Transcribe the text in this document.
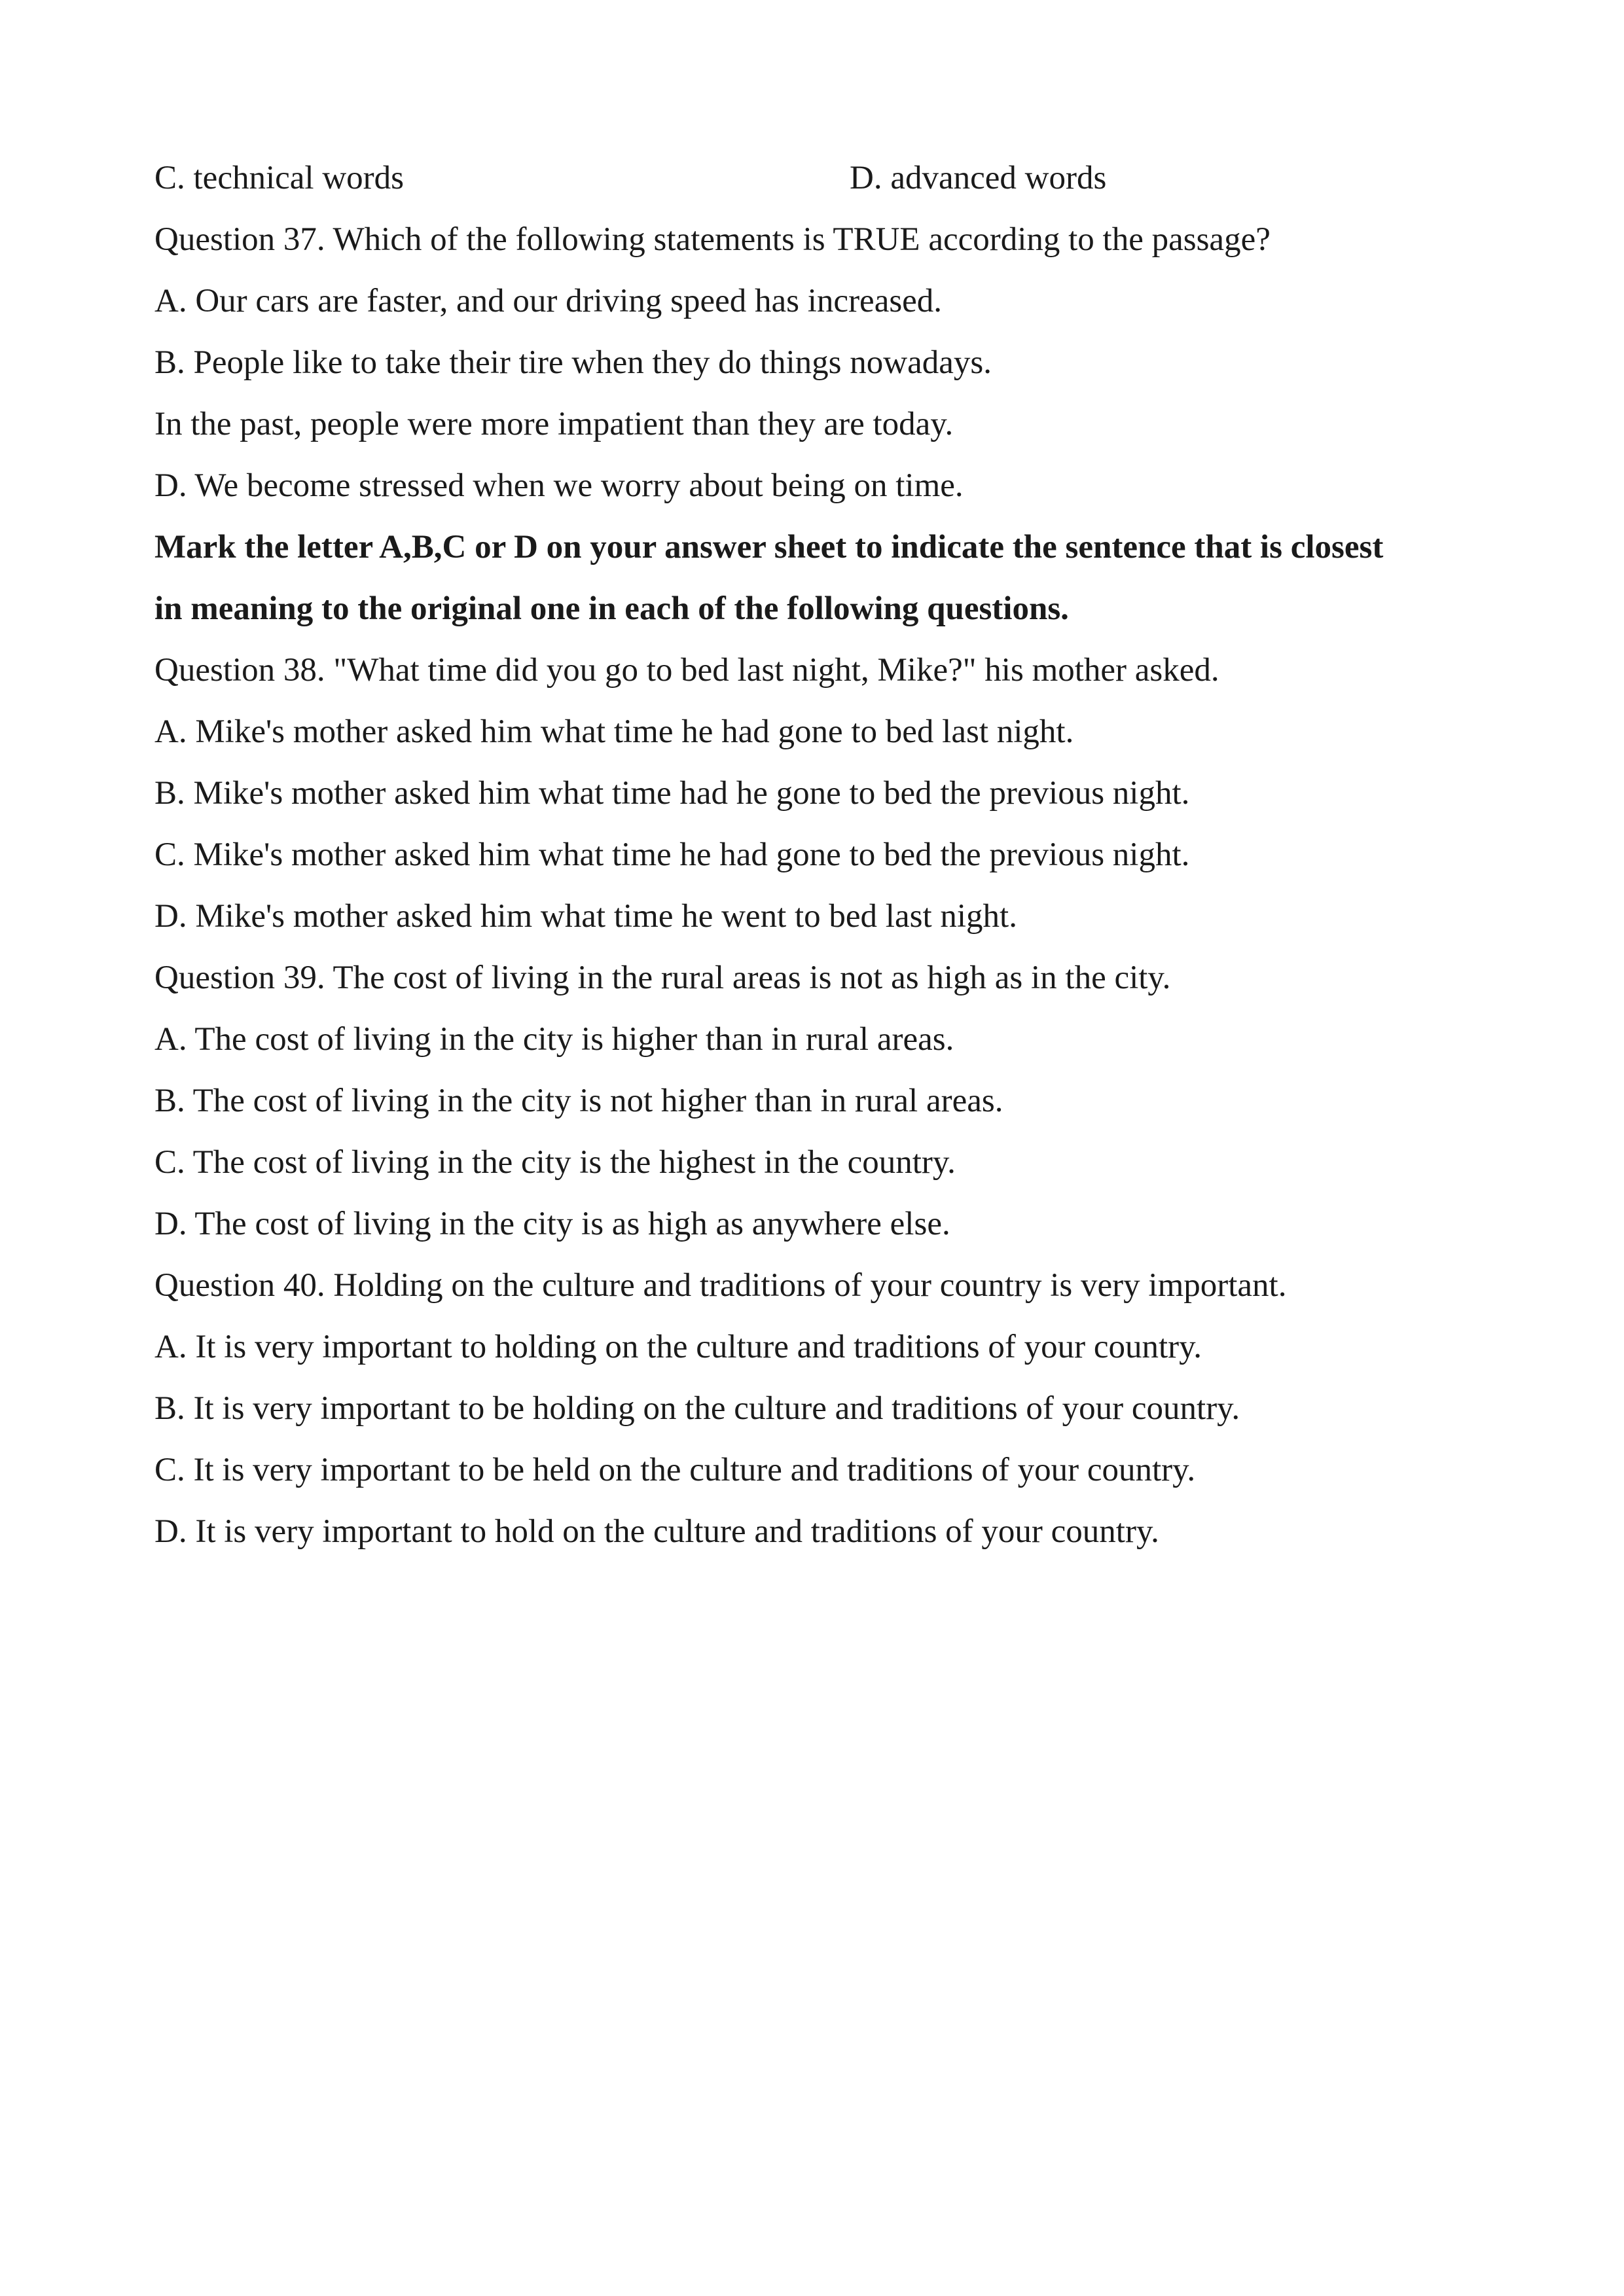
C. technical words	D. advanced words
Question 37. Which of the following statements is TRUE according to the passage?
A. Our cars are faster, and our driving speed has increased.
B. People like to take their tire when they do things nowadays.
In the past, people were more impatient than they are today.
D. We become stressed when we worry about being on time.
Mark the letter A,B,C or D on your answer sheet to indicate the sentence that is closest
in meaning to the original one in each of the following questions.
Question 38. "What time did you go to bed last night, Mike?" his mother asked.
A. Mike's mother asked him what time he had gone to bed last night.
B. Mike's mother asked him what time had he gone to bed the previous night.
C. Mike's mother asked him what time he had gone to bed the previous night.
D. Mike's mother asked him what time he went to bed last night.
Question 39. The cost of living in the rural areas is not as high as in the city.
A. The cost of living in the city is higher than in rural areas.
B. The cost of living in the city is not higher than in rural areas.
C. The cost of living in the city is the highest in the country.
D. The cost of living in the city is as high as anywhere else.
Question 40. Holding on the culture and traditions of your country is very important.
A. It is very important to holding on the culture and traditions of your country.
B. It is very important to be holding on the culture and traditions of your country.
C. It is very important to be held on the culture and traditions of your country.
D. It is very important to hold on the culture and traditions of your country.
